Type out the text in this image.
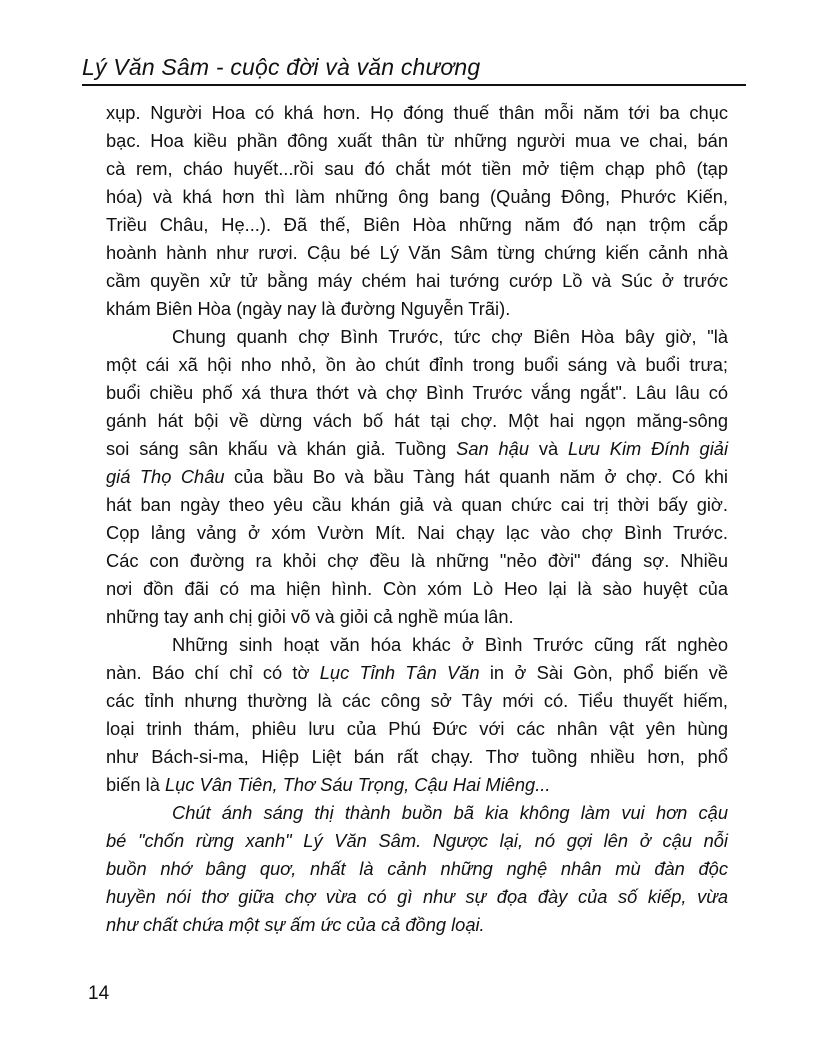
Lý Văn Sâm - cuộc đời và văn chương
xụp. Người Hoa có khá hơn. Họ đóng thuế thân mỗi năm tới ba chục
bạc. Hoa kiều phần đông xuất thân từ những người mua ve chai, bán
cà rem, cháo huyết...rồi sau đó chắt mót tiền mở tiệm chạp phô (tạp
hóa) và khá hơn thì làm những ông bang (Quảng Đông, Phước Kiến,
Triều Châu, Hẹ...). Đã thế, Biên Hòa những năm đó nạn trộm cắp
hoành hành như rươi. Cậu bé Lý Văn Sâm từng chứng kiến cảnh nhà
cầm quyền xử tử bằng máy chém hai tướng cướp Lồ và Súc ở trước
khám Biên Hòa (ngày nay là đường Nguyễn Trãi).
Chung quanh chợ Bình Trước, tức chợ Biên Hòa bây giờ, "là
một cái xã hội nho nhỏ, ồn ào chút đỉnh trong buổi sáng và buổi trưa;
buổi chiều phố xá thưa thớt và chợ Bình Trước vắng ngắt". Lâu lâu có
gánh hát bội về dừng vách bố hát tại chợ. Một hai ngọn măng-sông
soi sáng sân khấu và khán giả. Tuồng San hậu và Lưu Kim Đính giải
giá Thọ Châu của bầu Bo và bầu Tàng hát quanh năm ở chợ. Có khi
hát ban ngày theo yêu cầu khán giả và quan chức cai trị thời bấy giờ.
Cọp lảng vảng ở xóm Vườn Mít. Nai chạy lạc vào chợ Bình Trước.
Các con đường ra khỏi chợ đều là những "nẻo đời" đáng sợ. Nhiều
nơi đồn đãi có ma hiện hình. Còn xóm Lò Heo lại là sào huyệt của
những tay anh chị giỏi võ và giỏi cả nghề múa lân.
Những sinh hoạt văn hóa khác ở Bình Trước cũng rất nghèo
nàn. Báo chí chỉ có tờ Lục Tỉnh Tân Văn in ở Sài Gòn, phổ biến về
các tỉnh nhưng thường là các công sở Tây mới có. Tiểu thuyết hiếm,
loại trinh thám, phiêu lưu của Phú Đức với các nhân vật yên hùng
như Bách-si-ma, Hiệp Liệt bán rất chạy. Thơ tuồng nhiều hơn, phổ
biến là Lục Vân Tiên, Thơ Sáu Trọng, Cậu Hai Miêng...
Chút ánh sáng thị thành buồn bã kia không làm vui hơn cậu
bé "chốn rừng xanh" Lý Văn Sâm. Ngược lại, nó gợi lên ở cậu nỗi
buồn nhớ bâng quơ, nhất là cảnh những nghệ nhân mù đàn độc
huyền nói thơ giữa chợ vừa có gì như sự đọa đày của số kiếp, vừa
như chất chứa một sự ấm ức của cả đồng loại.
14
